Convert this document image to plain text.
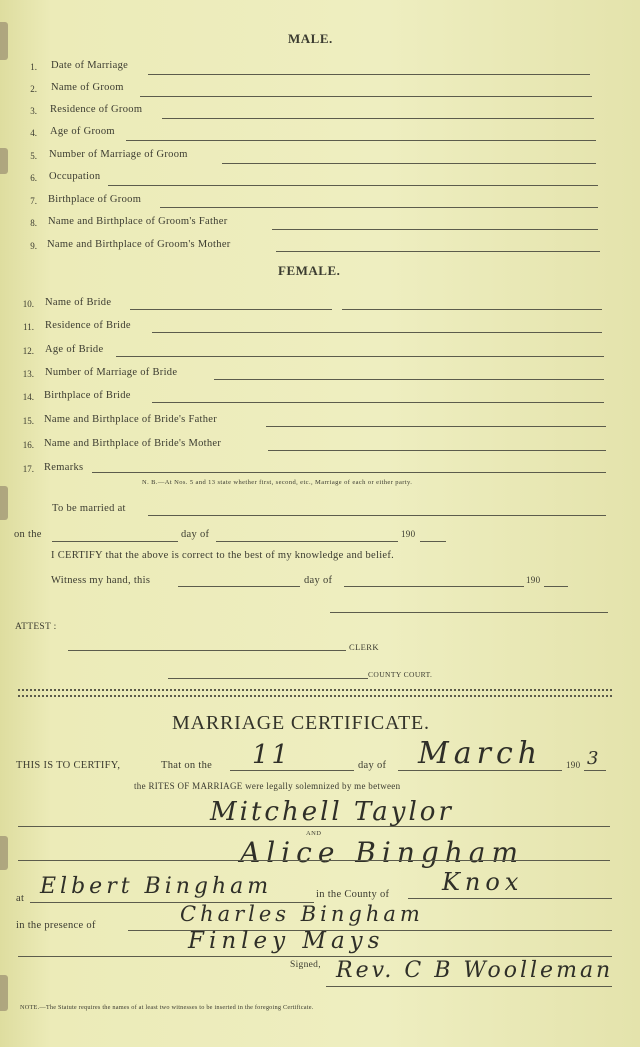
MALE.
1. Date of Marriage
2. Name of Groom
3. Residence of Groom
4. Age of Groom
5. Number of Marriage of Groom
6. Occupation
7. Birthplace of Groom
8. Name and Birthplace of Groom's Father
9. Name and Birthplace of Groom's Mother
FEMALE.
10. Name of Bride
11. Residence of Bride
12. Age of Bride
13. Number of Marriage of Bride
14. Birthplace of Bride
15. Name and Birthplace of Bride's Father
16. Name and Birthplace of Bride's Mother
17. Remarks
N. B.—At Nos. 5 and 13 state whether first, second, etc., Marriage of each or either party.
To be married at
on the	day of	190
I CERTIFY that the above is correct to the best of my knowledge and belief.
Witness my hand, this	day of	190
ATTEST :
CLERK
COUNTY COURT.
MARRIAGE CERTIFICATE.
THIS IS TO CERTIFY,	That on the 11	day of March	190 3
the RITES OF MARRIAGE were legally solemnized by me between
Mitchell Taylor
AND
Alice Bingham
at Elbert Bingham	in the County of Knox
in the presence of	Charles Bingham
Finley Mays
Signed, Rev. C B Woolleman
NOTE.—The Statute requires the names of at least two witnesses to be inserted in the foregoing Certificate.
